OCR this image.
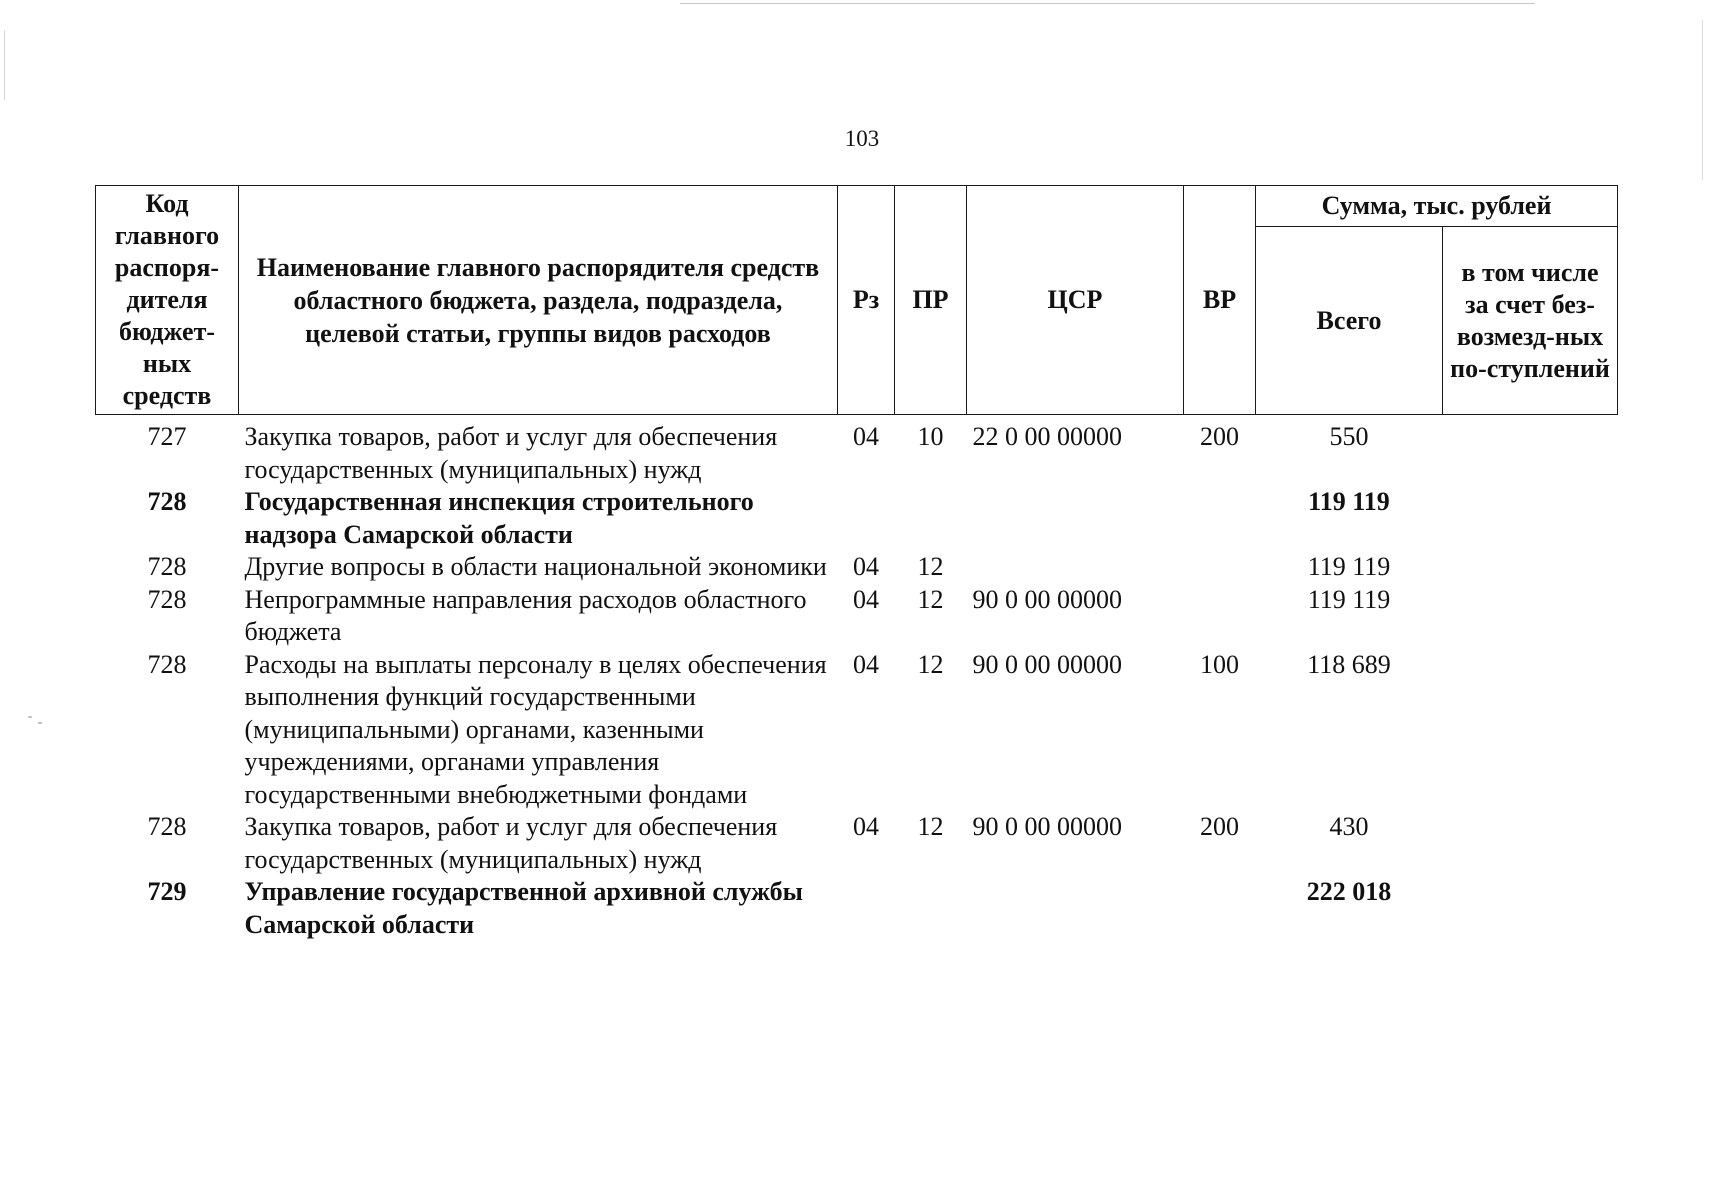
103
Код главного распоря-дителя бюджет-ных средств	Наименование главного распорядителя средств областного бюджета, раздела, подраздела, целевой статьи, группы видов расходов	Рз	ПР	ЦСР	ВР	Сумма, тыс. рублей	
						Всего	в том числе за счет без-возмезд-ных по-ступлений
727	Закупка товаров, работ и услуг для обеспечения государственных (муниципальных) нужд	04	10	22 0 00 00000	200	550	
728	Государственная инспекция строительного надзора Самарской области					119 119	
728	Другие вопросы в области национальной экономики	04	12			119 119	
728	Непрограммные направления расходов областного бюджета	04	12	90 0 00 00000		119 119	
728	Расходы на выплаты персоналу в целях обеспечения выполнения функций государственными (муниципальными) органами, казенными учреждениями, органами управления государственными внебюджетными фондами	04	12	90 0 00 00000	100	118 689	
728	Закупка товаров, работ и услуг для обеспечения государственных (муниципальных) нужд	04	12	90 0 00 00000	200	430	
729	Управление государственной архивной службы Самарской области					222 018	
